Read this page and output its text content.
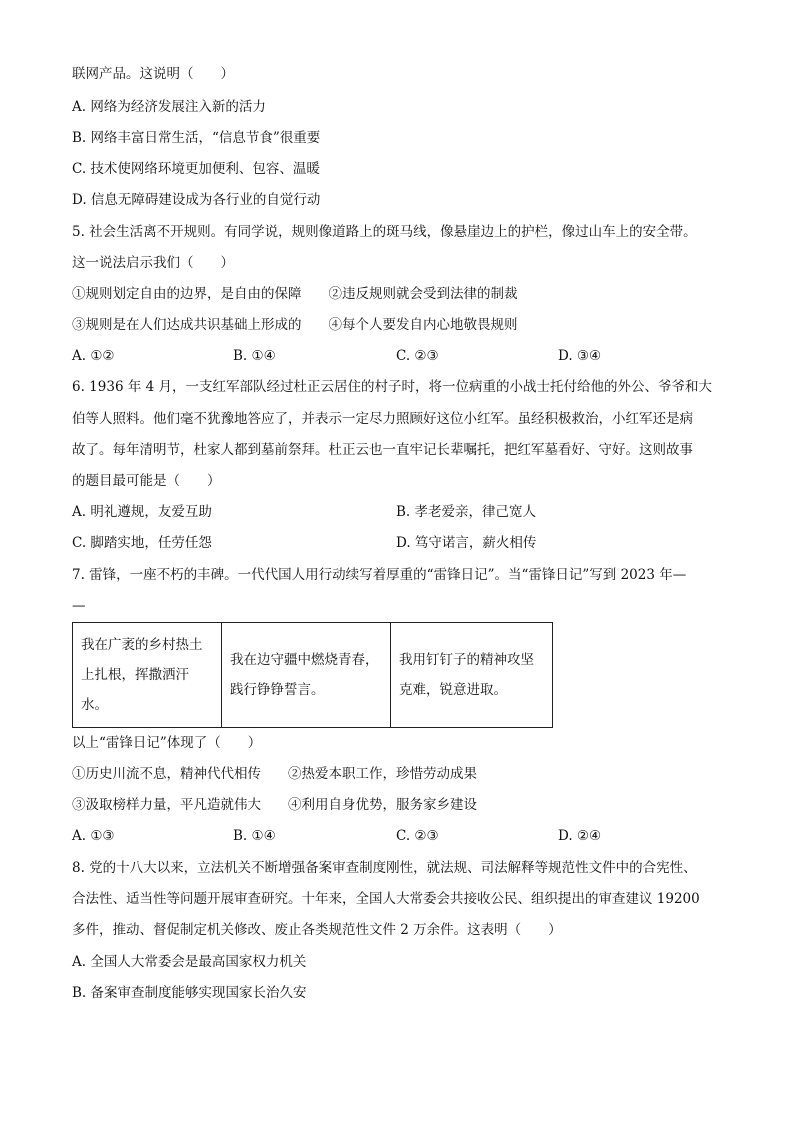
联网产品。这说明（　　）
A. 网络为经济发展注入新的活力
B. 网络丰富日常生活，“信息节食”很重要
C. 技术使网络环境更加便利、包容、温暖
D. 信息无障碍建设成为各行业的自觉行动
5. 社会生活离不开规则。有同学说，规则像道路上的斑马线，像悬崖边上的护栏，像过山车上的安全带。
这一说法启示我们（　　）
①规则划定自由的边界，是自由的保障　　②违反规则就会受到法律的制裁
③规则是在人们达成共识基础上形成的　　④每个人要发自内心地敬畏规则
A. ①②	B. ①④	C. ②③	D. ③④
6. 1936 年 4 月，一支红军部队经过杜正云居住的村子时，将一位病重的小战士托付给他的外公、爷爷和大
伯等人照料。他们毫不犹豫地答应了，并表示一定尽力照顾好这位小红军。虽经积极救治，小红军还是病
故了。每年清明节，杜家人都到墓前祭拜。杜正云也一直牢记长辈嘱托，把红军墓看好、守好。这则故事
的题目最可能是（　　）
A. 明礼遵规，友爱互助	B. 孝老爱亲，律己宽人
C. 脚踏实地，任劳任怨	D. 笃守诺言，薪火相传
7. 雷锋，一座不朽的丰碑。一代代国人用行动续写着厚重的“雷锋日记”。当“雷锋日记”写到 2023 年—
—
我在广袤的乡村热土上扎根，挥撒洒汗水。	我在边守疆中燃烧青春，践行铮铮誓言。	我用钉钉子的精神攻坚克难，锐意进取。
以上“雷锋日记”体现了（　　）
①历史川流不息，精神代代相传　　②热爱本职工作，珍惜劳动成果
③汲取榜样力量，平凡造就伟大　　④利用自身优势，服务家乡建设
A. ①③	B. ①④	C. ②③	D. ②④
8. 党的十八大以来，立法机关不断增强备案审查制度刚性，就法规、司法解释等规范性文件中的合宪性、
合法性、适当性等问题开展审查研究。十年来，全国人大常委会共接收公民、组织提出的审查建议 19200
多件，推动、督促制定机关修改、废止各类规范性文件 2 万余件。这表明（　　）
A. 全国人大常委会是最高国家权力机关
B. 备案审查制度能够实现国家长治久安
